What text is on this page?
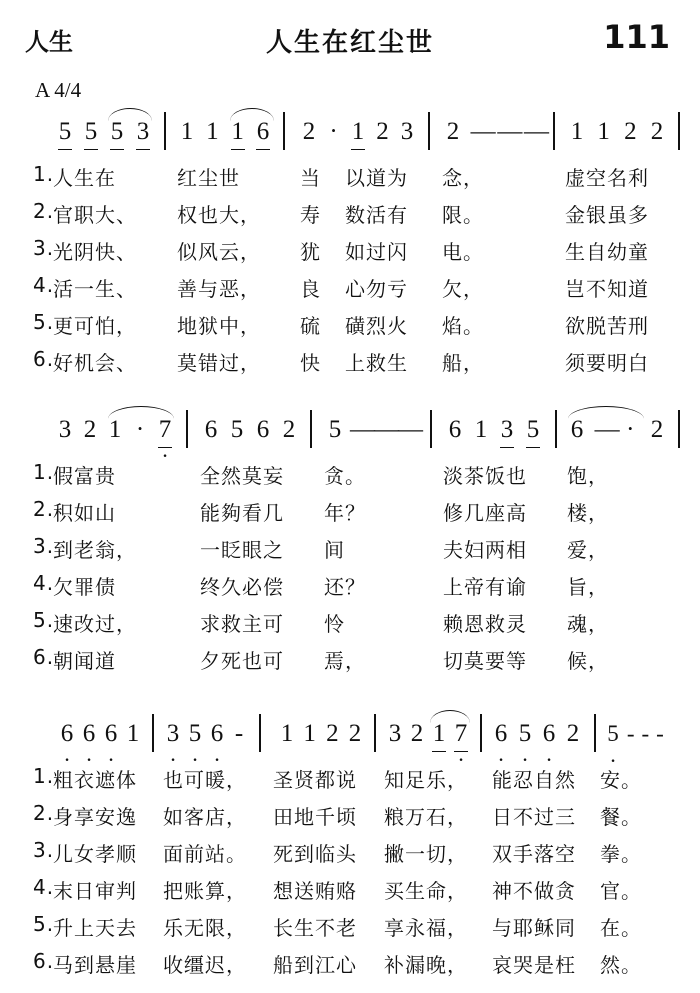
人生	人生在红尘世	111
A 4/4
5 5 5 3 1 1 1 6 2 · 1 2 3 2 — — — 1 1 2 2
1.
人生在	红尘世	当 以道为 念，	虚空名利
2.
官职大、 权也大， 寿 数活有 限。	金银虽多
3.
光阴快、 似风云， 犹 如过闪 电。	生自幼童
4.
活一生、 善与恶， 良 心勿亏 欠，	岂不知道
5.
更可怕， 地狱中， 硫 磺烈火 焰。	欲脱苦刑
6.
好机会、 莫错过， 快 上救生 船，	须要明白
3 2 1 · · 7 6 5 6 2 5 — — — 6 1 3 5 6 — · 2
1.
假富贵	全然莫妄 贪。	淡茶饭也 饱，
2.
积如山	能夠看几 年？	修几座高 楼，
3.
到老翁，	一眨眼之 间	夫妇两相 爱，
4.
欠罪债	终久必偿 还？	上帝有谕 旨，
5.
速改过，	求救主可 怜	赖恩救灵 魂，
6.
朝闻道	夕死也可 焉，	切莫要等 候，
· 6 · 6 · 6 1 · 3 · 5 · 6 - 1 1 2 2 3 2 1 · 7 · 6 · 5 · 6 2 · 5 - - -
1.
粗衣遮体 也可暖， 圣贤都说 知足乐， 能忍自然 安。
2.
身享安逸 如客店， 田地千顷 粮万石， 日不过三 餐。
3.
儿女孝顺 面前站。 死到临头 撇一切， 双手落空 拳。
4.
末日审判 把账算， 想送贿赂 买生命， 神不做贪 官。
5.
升上天去 乐无限， 长生不老 享永福， 与耶稣同 在。
6.
马到悬崖 收缰迟， 船到江心 补漏晚， 哀哭是枉 然。
